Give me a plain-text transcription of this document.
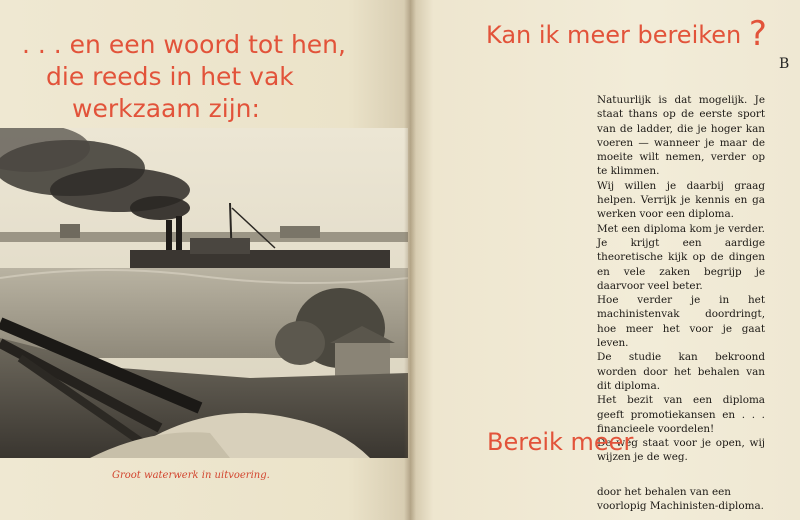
. . . en een woord tot hen,
die reeds in het vak
werkzaam zijn:
Groot waterwerk in uitvoering.
Kan ik meer bereiken ?
B

Natuurlijk is dat mogelijk. Je staat thans op de eerste sport van de ladder, die je hoger kan voeren — wanneer je maar de moeite wilt nemen, verder op te klimmen.

Wij willen je daarbij graag helpen. Verrijk je kennis en ga werken voor een diploma.

Met een diploma kom je verder. Je krijgt een aardige theoretische kijk op de dingen en vele zaken begrijp je daarvoor veel beter.

Hoe verder je in het machinistenvak doordringt, hoe meer het voor je gaat leven.

De studie kan bekroond worden door het behalen van dit diploma.

Het bezit van een diploma geeft promotiekansen en . . . financieele voordelen!

De weg staat voor je open, wij wijzen je de weg.

Bereik meer
door het behalen van een voorlopig Machinisten-diploma.
